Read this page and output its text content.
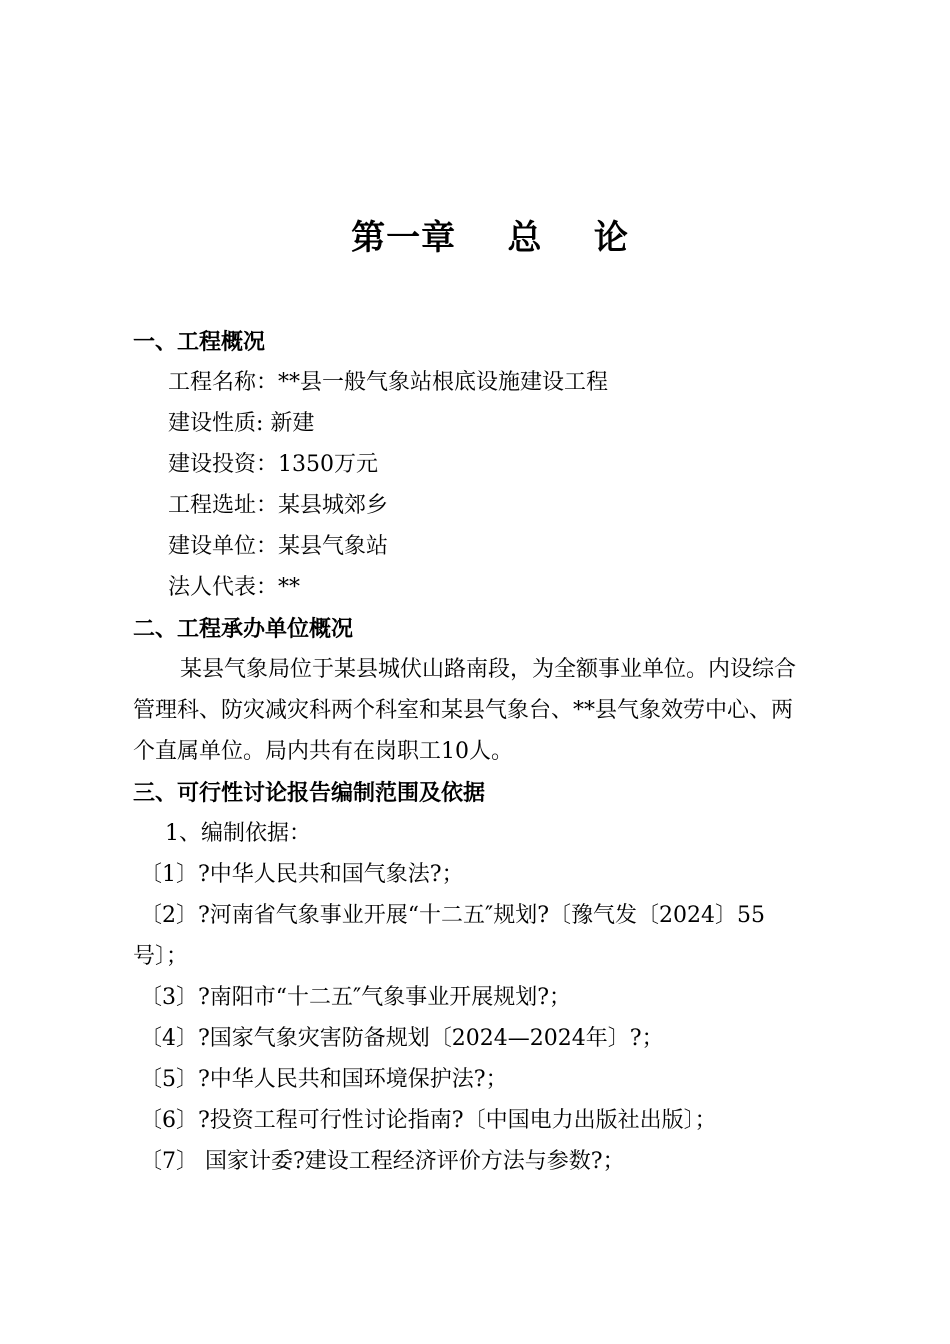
第一章    总    论
一、工程概况
工程名称：**县一般气象站根底设施建设工程
建设性质: 新建
建设投资：1350万元
工程选址：某县城郊乡
建设单位：某县气象站
法人代表：**
二、工程承办单位概况
某县气象局位于某县城伏山路南段，为全额事业单位。内设综合
管理科、防灾减灾科两个科室和某县气象台、**县气象效劳中心、两
个直属单位。局内共有在岗职工10人。
三、可行性讨论报告编制范围及依据
1、编制依据：
〔1〕?中华人民共和国气象法?；
〔2〕?河南省气象事业开展“十二五″规划?〔豫气发〔2024〕55
号〕；
〔3〕?南阳市“十二五″气象事业开展规划?；
〔4〕?国家气象灾害防备规划〔2024—2024年〕?；
〔5〕?中华人民共和国环境保护法?；
〔6〕?投资工程可行性讨论指南?〔中国电力出版社出版〕；
〔7〕 国家计委?建设工程经济评价方法与参数?；
